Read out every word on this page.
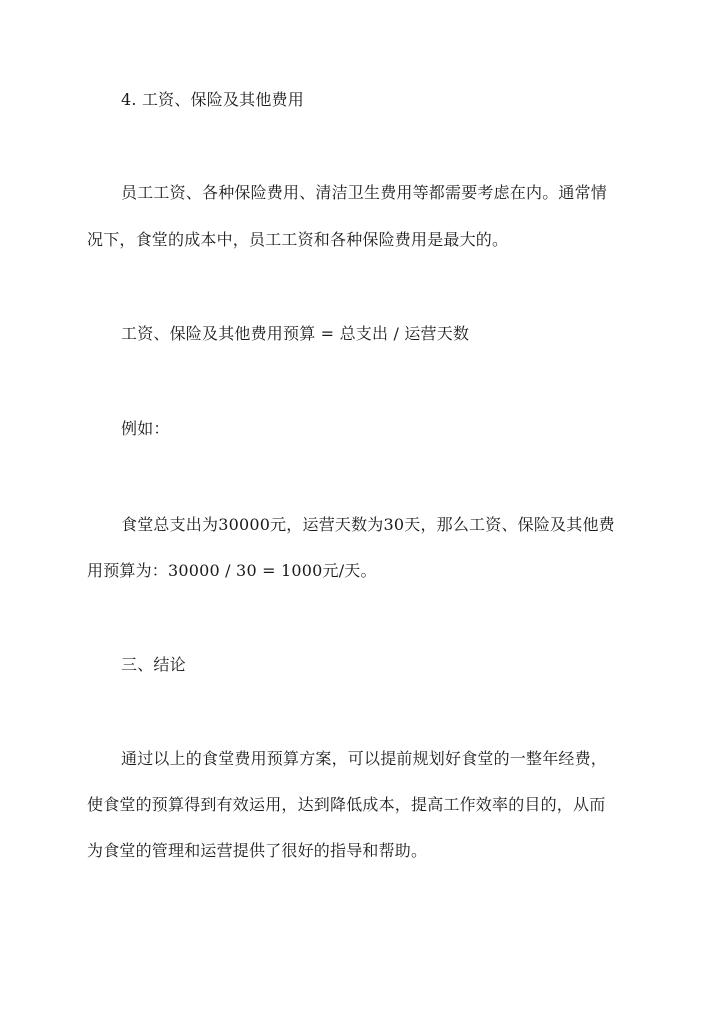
4. 工资、保险及其他费用
员工工资、各种保险费用、清洁卫生费用等都需要考虑在内。通常情
况下，食堂的成本中，员工工资和各种保险费用是最大的。
工资、保险及其他费用预算 = 总支出 / 运营天数
例如：
食堂总支出为30000元，运营天数为30天，那么工资、保险及其他费
用预算为：30000 / 30 = 1000元/天。
三、结论
通过以上的食堂费用预算方案，可以提前规划好食堂的一整年经费，
使食堂的预算得到有效运用，达到降低成本，提高工作效率的目的，从而
为食堂的管理和运营提供了很好的指导和帮助。
